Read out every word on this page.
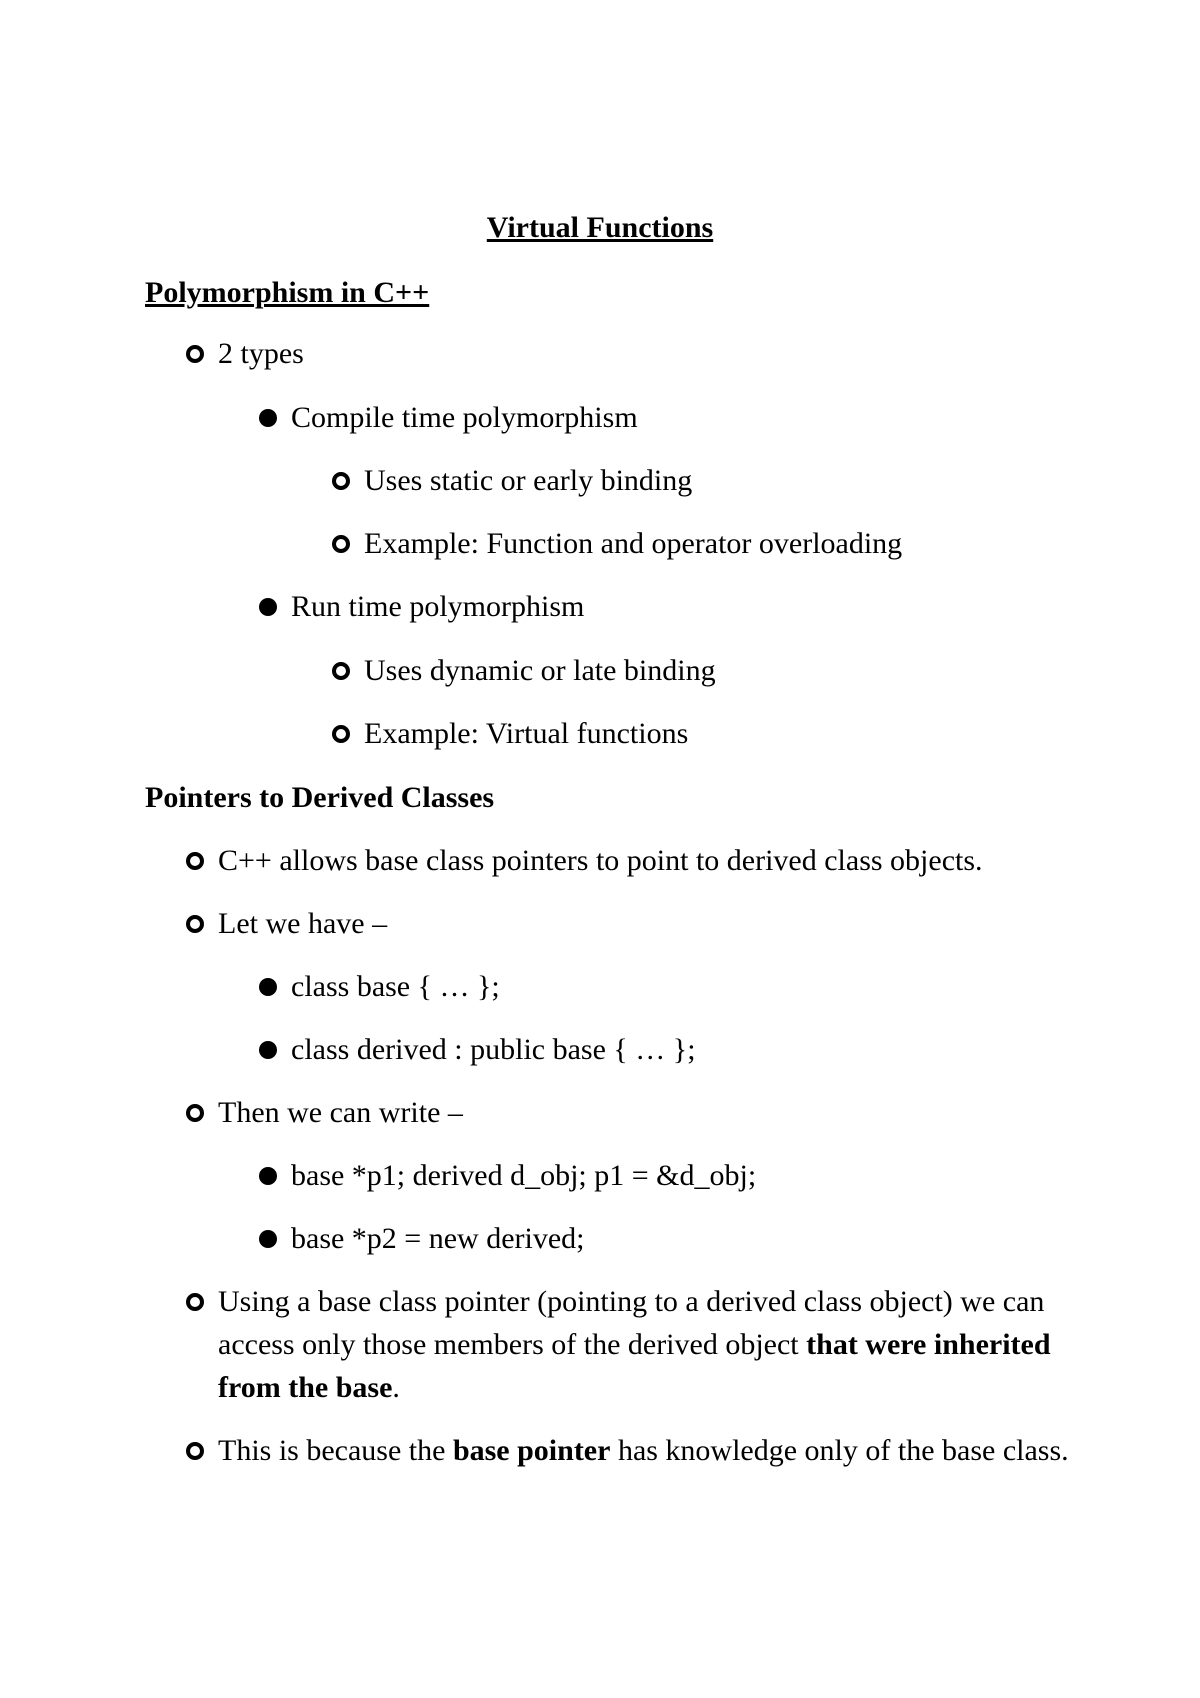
Virtual Functions
Polymorphism in C++
2 types
Compile time polymorphism
Uses static or early binding
Example: Function and operator overloading
Run time polymorphism
Uses dynamic or late binding
Example: Virtual functions
Pointers to Derived Classes
C++ allows base class pointers to point to derived class objects.
Let we have –
class base { … };
class derived : public base { … };
Then we can write –
base *p1; derived d_obj; p1 = &d_obj;
base *p2 = new derived;
Using a base class pointer (pointing to a derived class object) we can access only those members of the derived object that were inherited from the base.
This is because the base pointer has knowledge only of the base class.
